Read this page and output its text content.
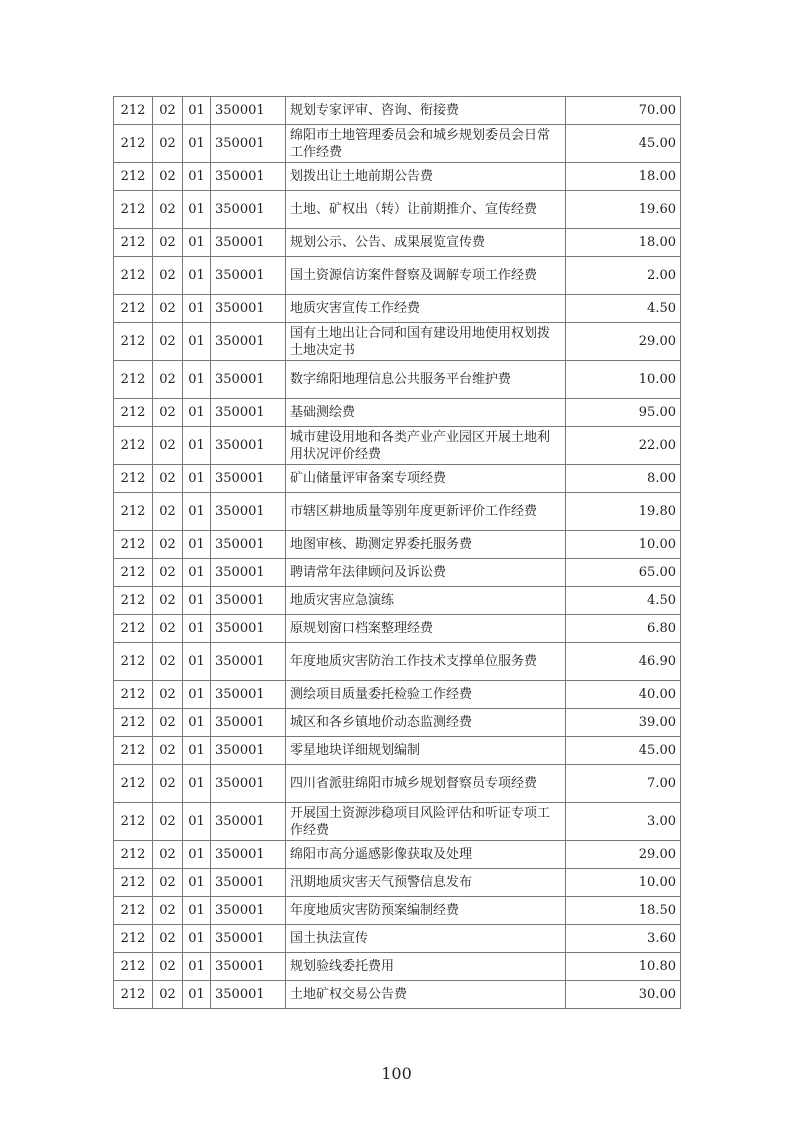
212	02	01	350001	规划专家评审、咨询、衔接费	70.00
212	02	01	350001	绵阳市土地管理委员会和城乡规划委员会日常工作经费	45.00
212	02	01	350001	划拨出让土地前期公告费	18.00
212	02	01	350001	土地、矿权出（转）让前期推介、宣传经费	19.60
212	02	01	350001	规划公示、公告、成果展览宣传费	18.00
212	02	01	350001	国土资源信访案件督察及调解专项工作经费	2.00
212	02	01	350001	地质灾害宣传工作经费	4.50
212	02	01	350001	国有土地出让合同和国有建设用地使用权划拨土地决定书	29.00
212	02	01	350001	数字绵阳地理信息公共服务平台维护费	10.00
212	02	01	350001	基础测绘费	95.00
212	02	01	350001	城市建设用地和各类产业产业园区开展土地利用状况评价经费	22.00
212	02	01	350001	矿山储量评审备案专项经费	8.00
212	02	01	350001	市辖区耕地质量等别年度更新评价工作经费	19.80
212	02	01	350001	地图审核、勘测定界委托服务费	10.00
212	02	01	350001	聘请常年法律顾问及诉讼费	65.00
212	02	01	350001	地质灾害应急演练	4.50
212	02	01	350001	原规划窗口档案整理经费	6.80
212	02	01	350001	年度地质灾害防治工作技术支撑单位服务费	46.90
212	02	01	350001	测绘项目质量委托检验工作经费	40.00
212	02	01	350001	城区和各乡镇地价动态监测经费	39.00
212	02	01	350001	零星地块详细规划编制	45.00
212	02	01	350001	四川省派驻绵阳市城乡规划督察员专项经费	7.00
212	02	01	350001	开展国土资源涉稳项目风险评估和听证专项工作经费	3.00
212	02	01	350001	绵阳市高分遥感影像获取及处理	29.00
212	02	01	350001	汛期地质灾害天气预警信息发布	10.00
212	02	01	350001	年度地质灾害防预案编制经费	18.50
212	02	01	350001	国土执法宣传	3.60
212	02	01	350001	规划验线委托费用	10.80
212	02	01	350001	土地矿权交易公告费	30.00
100
